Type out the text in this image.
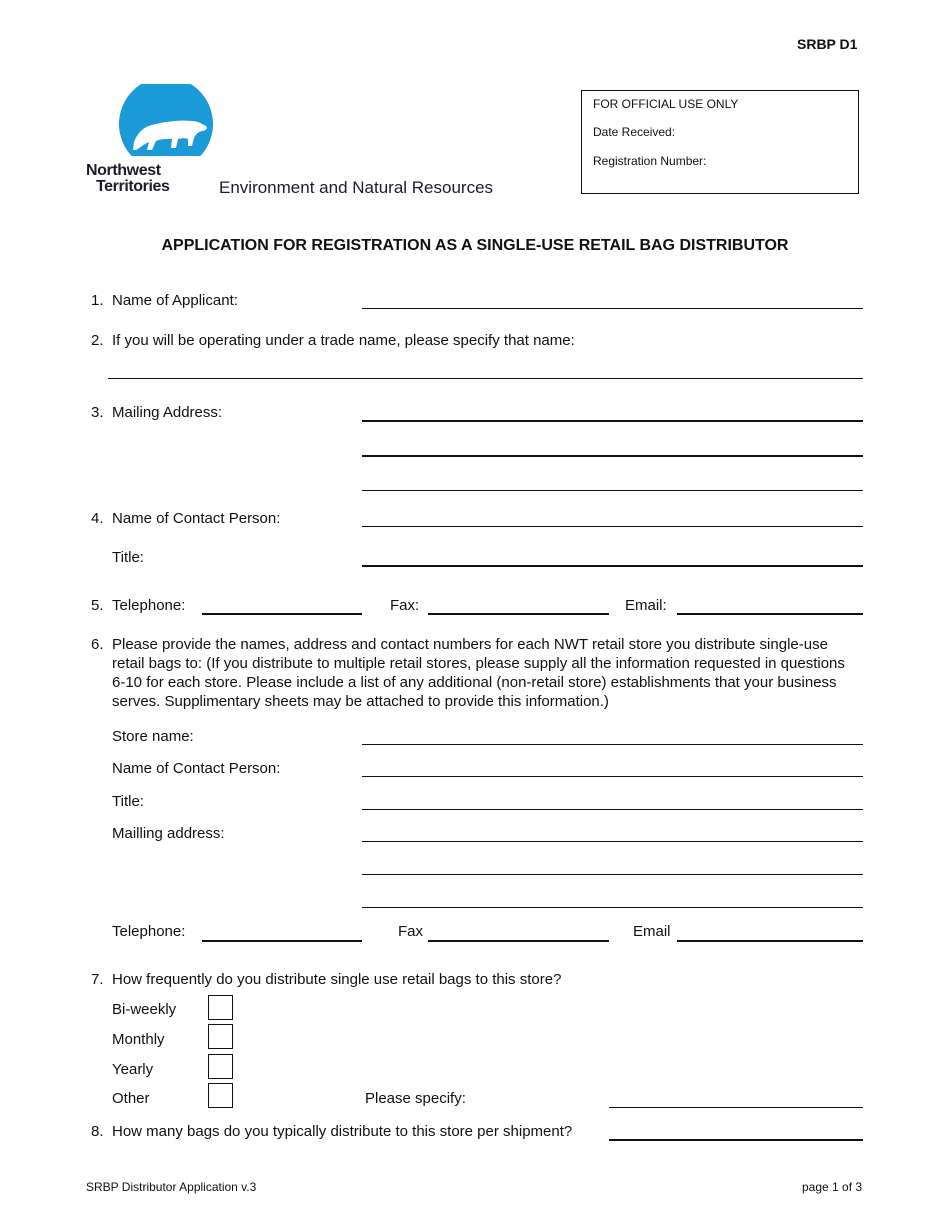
SRBP D1
Northwest
Territories	Environment and Natural Resources
FOR OFFICIAL USE ONLY
Date Received:
Registration Number:
APPLICATION FOR REGISTRATION AS A SINGLE-USE RETAIL BAG DISTRIBUTOR
1. Name of Applicant:
2. If you will be operating under a trade name, please specify that name:
3. Mailing Address:
4. Name of Contact Person:
Title:
5. Telephone:	Fax:	Email:
6. Please provide the names, address and contact numbers for each NWT retail store you distribute single-use retail bags to: (If you distribute to multiple retail stores, please supply all the information requested in questions 6-10 for each store. Please include a list of any additional (non-retail store) establishments that your business serves. Supplimentary sheets may be attached to provide this information.)
Store name:
Name of Contact Person:
Title:
Mailling address:
Telephone:	Fax	Email
7. How frequently do you distribute single use retail bags to this store?
Bi-weekly
Monthly
Yearly
Other	Please specify:
8. How many bags do you typically distribute to this store per shipment?
SRBP Distributor Application v.3	page 1 of 3
